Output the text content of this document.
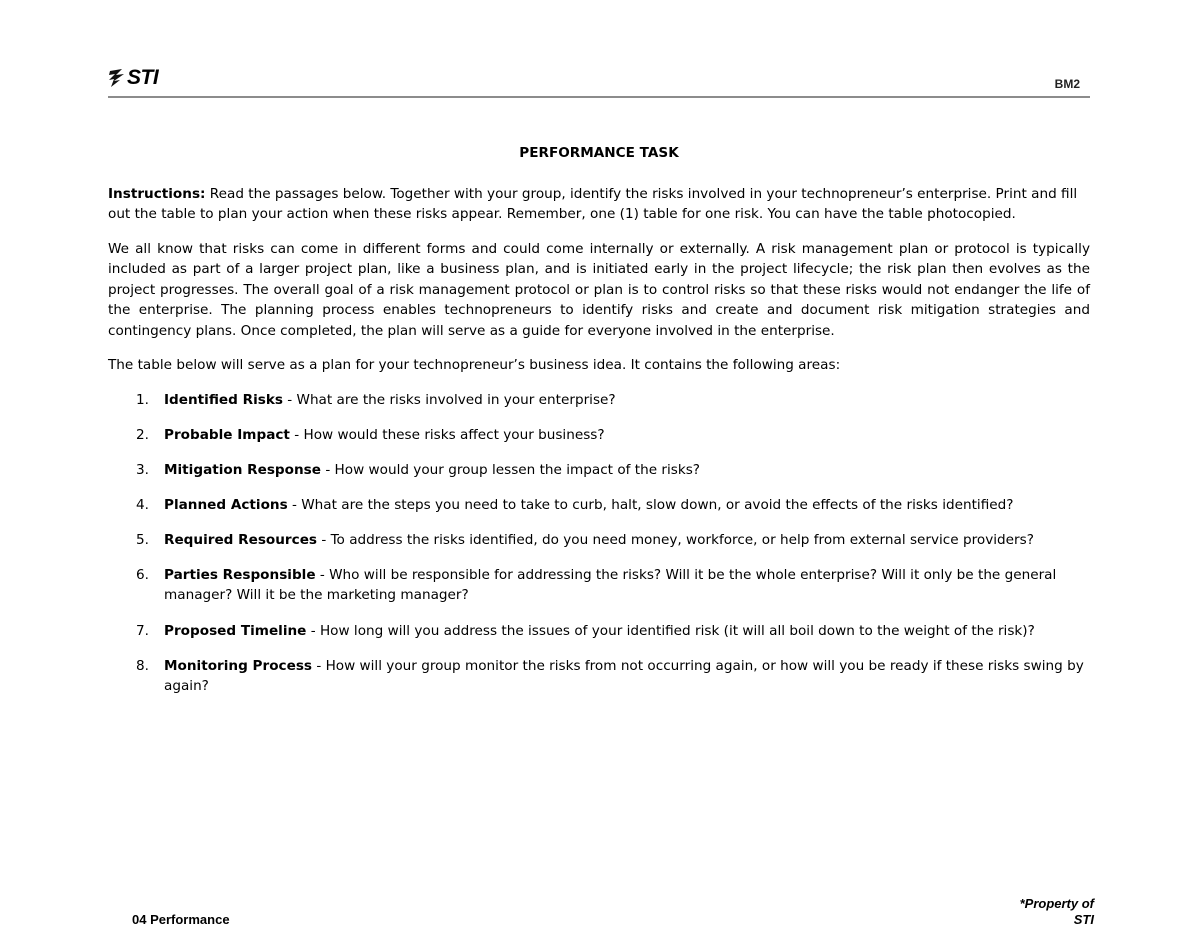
STI	BM2
PERFORMANCE TASK

Instructions: Read the passages below. Together with your group, identify the risks involved in your technopreneur’s enterprise. Print and fill out the table to plan your action when these risks appear. Remember, one (1) table for one risk. You can have the table photocopied.

We all know that risks can come in different forms and could come internally or externally. A risk management plan or protocol is typically included as part of a larger project plan, like a business plan, and is initiated early in the project lifecycle; the risk plan then evolves as the project progresses. The overall goal of a risk management protocol or plan is to control risks so that these risks would not endanger the life of the enterprise. The planning process enables technopreneurs to identify risks and create and document risk mitigation strategies and contingency plans. Once completed, the plan will serve as a guide for everyone involved in the enterprise.

The table below will serve as a plan for your technopreneur’s business idea. It contains the following areas:

1. Identified Risks - What are the risks involved in your enterprise?
2. Probable Impact - How would these risks affect your business?
3. Mitigation Response - How would your group lessen the impact of the risks?
4. Planned Actions - What are the steps you need to take to curb, halt, slow down, or avoid the effects of the risks identified?
5. Required Resources - To address the risks identified, do you need money, workforce, or help from external service providers?
6. Parties Responsible - Who will be responsible for addressing the risks? Will it be the whole enterprise? Will it only be the general manager? Will it be the marketing manager?
7. Proposed Timeline - How long will you address the issues of your identified risk (it will all boil down to the weight of the risk)?
8. Monitoring Process - How will your group monitor the risks from not occurring again, or how will you be ready if these risks swing by again?
04 Performance
*Property of
STI
